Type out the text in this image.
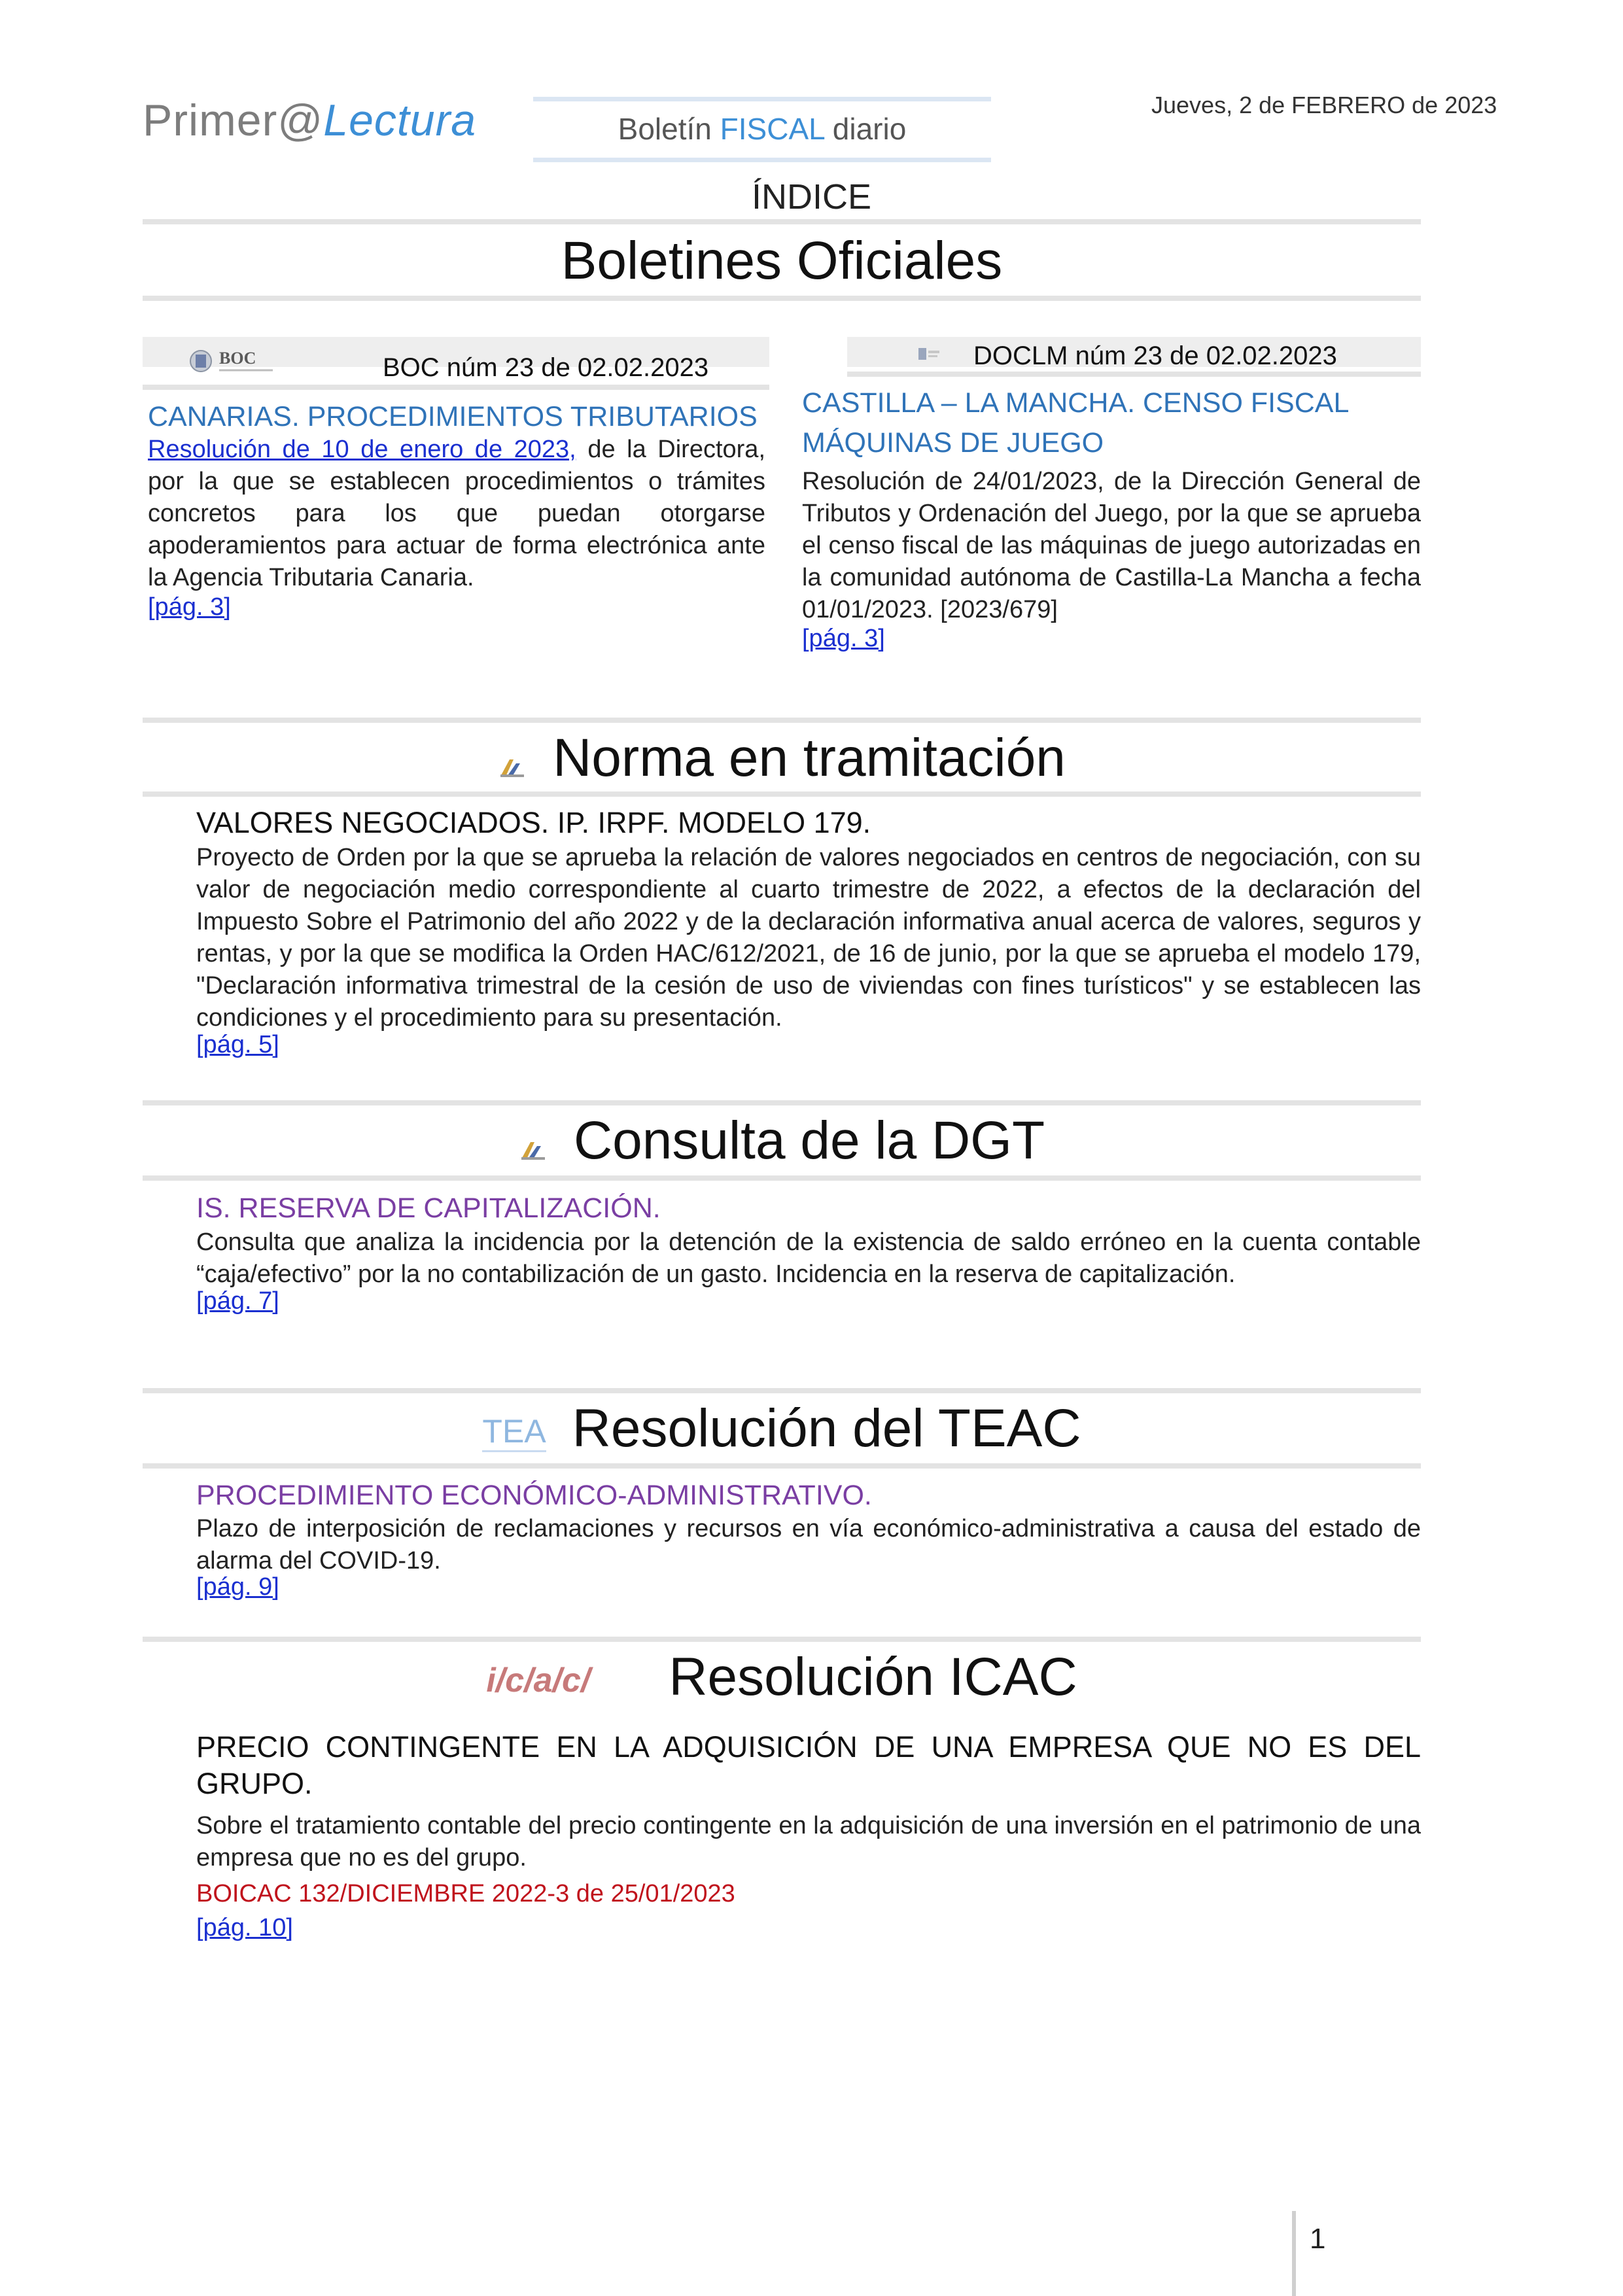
Primer@Lectura	Boletín FISCAL diario
Jueves, 2 de FEBRERO de 2023
ÍNDICE
Boletines Oficiales
BOC	BOC núm 23 de 02.02.2023
CANARIAS. PROCEDIMIENTOS TRIBUTARIOS
Resolución de 10 de enero de 2023, de la Directora, por la que se establecen procedimientos o trámites concretos para los que puedan otorgarse apoderamientos para actuar de forma electrónica ante la Agencia Tributaria Canaria.
[pág. 3]
DOCLM núm 23 de 02.02.2023
CASTILLA – LA MANCHA. CENSO FISCAL
MÁQUINAS DE JUEGO
Resolución de 24/01/2023, de la Dirección General de Tributos y Ordenación del Juego, por la que se aprueba el censo fiscal de las máquinas de juego autorizadas en la comunidad autónoma de Castilla-La Mancha a fecha 01/01/2023. [2023/679]
[pág. 3]
Norma en tramitación
VALORES NEGOCIADOS. IP. IRPF. MODELO 179.
Proyecto de Orden por la que se aprueba la relación de valores negociados en centros de negociación, con su valor de negociación medio correspondiente al cuarto trimestre de 2022, a efectos de la declaración del Impuesto Sobre el Patrimonio del año 2022 y de la declaración informativa anual acerca de valores, seguros y rentas, y por la que se modifica la Orden HAC/612/2021, de 16 de junio, por la que se aprueba el modelo 179, "Declaración informativa trimestral de la cesión de uso de viviendas con fines turísticos" y se establecen las condiciones y el procedimiento para su presentación.
[pág. 5]
Consulta de la DGT
IS. RESERVA DE CAPITALIZACIÓN.
Consulta que analiza la incidencia por la detención de la existencia de saldo erróneo en la cuenta contable “caja/efectivo” por la no contabilización de un gasto. Incidencia en la reserva de capitalización.
[pág. 7]
TEA Resolución del TEAC
PROCEDIMIENTO ECONÓMICO-ADMINISTRATIVO.
Plazo de interposición de reclamaciones y recursos en vía económico-administrativa a causa del estado de alarma del COVID-19.
[pág. 9]
i/c/a/c/ Resolución ICAC
PRECIO CONTINGENTE EN LA ADQUISICIÓN DE UNA EMPRESA QUE NO ES DEL GRUPO.
Sobre el tratamiento contable del precio contingente en la adquisición de una inversión en el patrimonio de una empresa que no es del grupo.
BOICAC 132/DICIEMBRE 2022-3 de 25/01/2023
[pág. 10]
1
